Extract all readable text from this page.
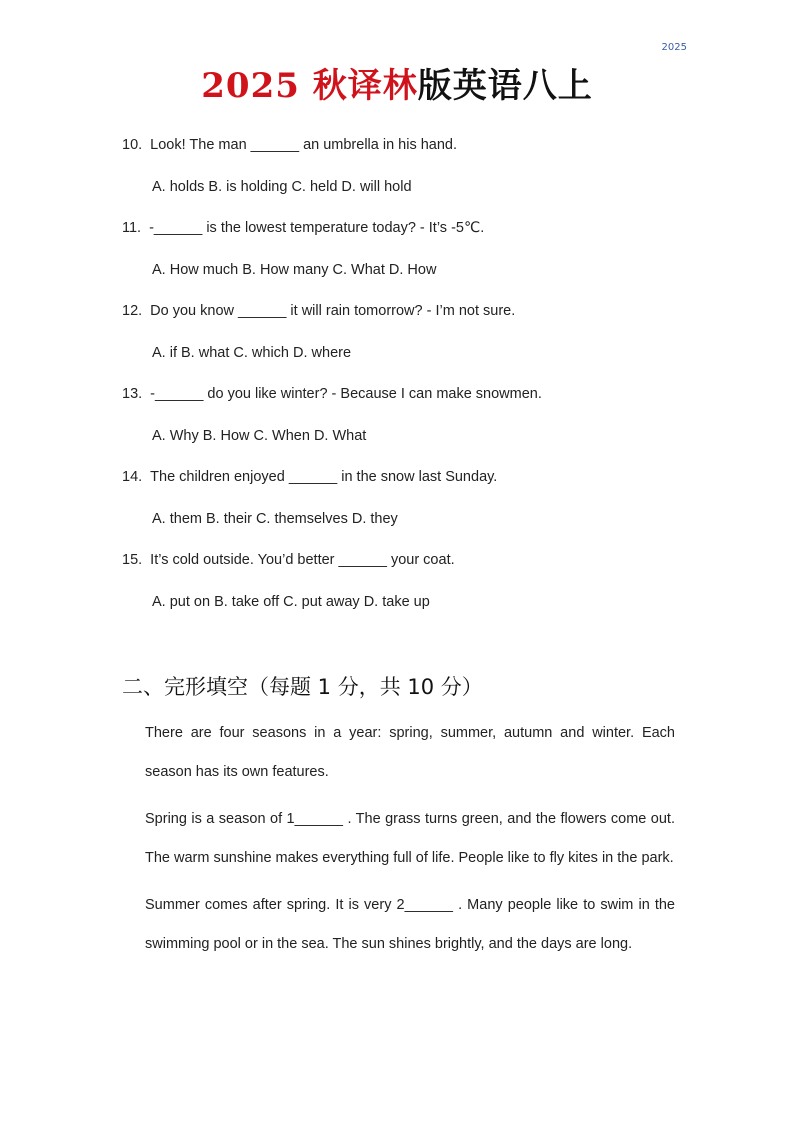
2025
2025 秋译林版英语八上
10. Look! The man ______ an umbrella in his hand.
A. holds B. is holding C. held D. will hold
11. -______ is the lowest temperature today? - It’s -5℃.
A. How much B. How many C. What D. How
12. Do you know ______ it will rain tomorrow? - I’m not sure.
A. if B. what C. which D. where
13. -______ do you like winter? - Because I can make snowmen.
A. Why B. How C. When D. What
14. The children enjoyed ______ in the snow last Sunday.
A. them B. their C. themselves D. they
15. It’s cold outside. You’d better ______ your coat.
A. put on B. take off C. put away D. take up
二、完形填空（每题 1 分，共 10 分）

There are four seasons in a year: spring, summer, autumn and winter. Each season has its own features.

Spring is a season of 1______ . The grass turns green, and the flowers come out. The warm sunshine makes everything full of life. People like to fly kites in the park.

Summer comes after spring. It is very 2______ . Many people like to swim in the swimming pool or in the sea. The sun shines brightly, and the days are long.
